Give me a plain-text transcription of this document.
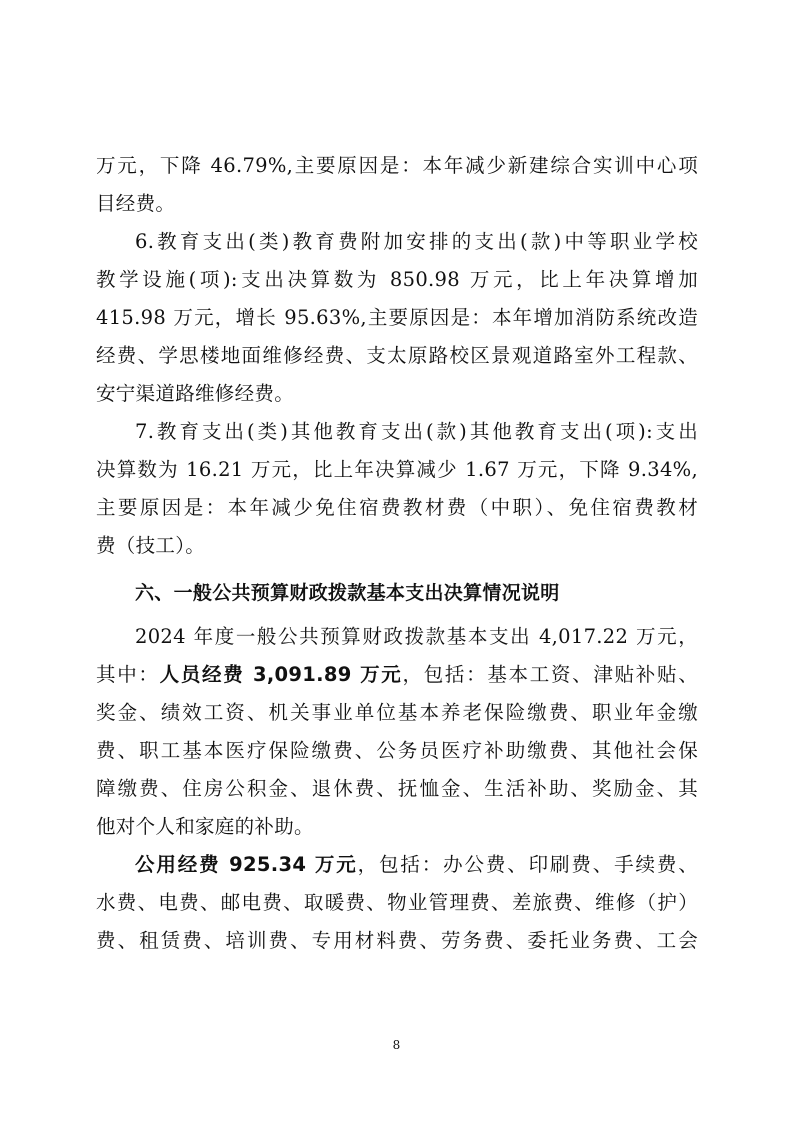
万元，下降 46.79%,主要原因是：本年减少新建综合实训中心项
目经费。
6.教育支出(类)教育费附加安排的支出(款)中等职业学校
教学设施(项):支出决算数为 850.98 万元，比上年决算增加
415.98 万元，增长 95.63%,主要原因是：本年增加消防系统改造
经费、学思楼地面维修经费、支太原路校区景观道路室外工程款、
安宁渠道路维修经费。
7.教育支出(类)其他教育支出(款)其他教育支出(项):支出
决算数为 16.21 万元，比上年决算减少 1.67 万元，下降 9.34%,
主要原因是：本年减少免住宿费教材费（中职）、免住宿费教材
费（技工）。
六、一般公共预算财政拨款基本支出决算情况说明
2024 年度一般公共预算财政拨款基本支出 4,017.22 万元，
其中：人员经费 3,091.89 万元，包括：基本工资、津贴补贴、
奖金、绩效工资、机关事业单位基本养老保险缴费、职业年金缴
费、职工基本医疗保险缴费、公务员医疗补助缴费、其他社会保
障缴费、住房公积金、退休费、抚恤金、生活补助、奖励金、其
他对个人和家庭的补助。
公用经费 925.34 万元，包括：办公费、印刷费、手续费、
水费、电费、邮电费、取暖费、物业管理费、差旅费、维修（护）
费、租赁费、培训费、专用材料费、劳务费、委托业务费、工会
8
